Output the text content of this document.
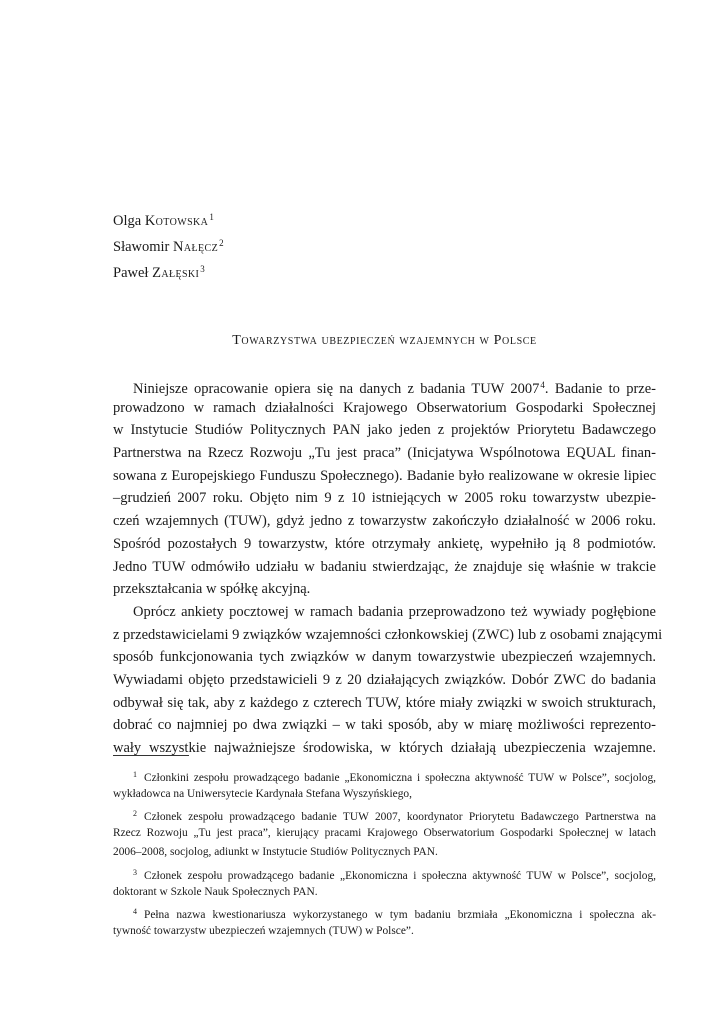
Olga Kotowska$^1$
Sławomir Nałęcz$^2$
Paweł Załęski$^3$
Towarzystwa ubezpieczeń wzajemnych w Polsce
Niniejsze opracowanie opiera się na danych z badania TUW 2007$^4$. Badanie to prze-
prowadzono w ramach działalności Krajowego Obserwatorium Gospodarki Społecznej
w Instytucie Studiów Politycznych PAN jako jeden z projektów Priorytetu Badawczego
Partnerstwa na Rzecz Rozwoju „Tu jest praca” (Inicjatywa Wspólnotowa EQUAL finan-
sowana z Europejskiego Funduszu Społecznego). Badanie było realizowane w okresie lipiec
–grudzień 2007 roku. Objęto nim 9 z 10 istniejących w 2005 roku towarzystw ubezpie-
czeń wzajemnych (TUW), gdyż jedno z towarzystw zakończyło działalność w 2006 roku.
Spośród pozostałych 9 towarzystw, które otrzymały ankietę, wypełniło ją 8 podmiotów.
Jedno TUW odmówiło udziału w badaniu stwierdzając, że znajduje się właśnie w trakcie
przekształcania w spółkę akcyjną.
Oprócz ankiety pocztowej w ramach badania przeprowadzono też wywiady pogłębione
z przedstawicielami 9 związków wzajemności członkowskiej (ZWC) lub z osobami znającymi
sposób funkcjonowania tych związków w danym towarzystwie ubezpieczeń wzajemnych.
Wywiadami objęto przedstawicieli 9 z 20 działających związków. Dobór ZWC do badania
odbywał się tak, aby z każdego z czterech TUW, które miały związki w swoich strukturach,
dobrać co najmniej po dwa związki – w taki sposób, aby w miarę możliwości reprezento-
wały wszystkie najważniejsze środowiska, w których działają ubezpieczenia wzajemne.
$^1$ Członkini zespołu prowadzącego badanie „Ekonomiczna i społeczna aktywność TUW w Polsce”, socjolog,
wykładowca na Uniwersytecie Kardynała Stefana Wyszyńskiego,
$^2$ Członek zespołu prowadzącego badanie TUW 2007, koordynator Priorytetu Badawczego Partnerstwa na
Rzecz Rozwoju „Tu jest praca”, kierujący pracami Krajowego Obserwatorium Gospodarki Społecznej w latach
2006–2008, socjolog, adiunkt w Instytucie Studiów Politycznych PAN.
$^3$ Członek zespołu prowadzącego badanie „Ekonomiczna i społeczna aktywność TUW w Polsce”, socjolog,
doktorant w Szkole Nauk Społecznych PAN.
$^4$ Pełna nazwa kwestionariusza wykorzystanego w tym badaniu brzmiała „Ekonomiczna i społeczna ak-
tywność towarzystw ubezpieczeń wzajemnych (TUW) w Polsce”.
